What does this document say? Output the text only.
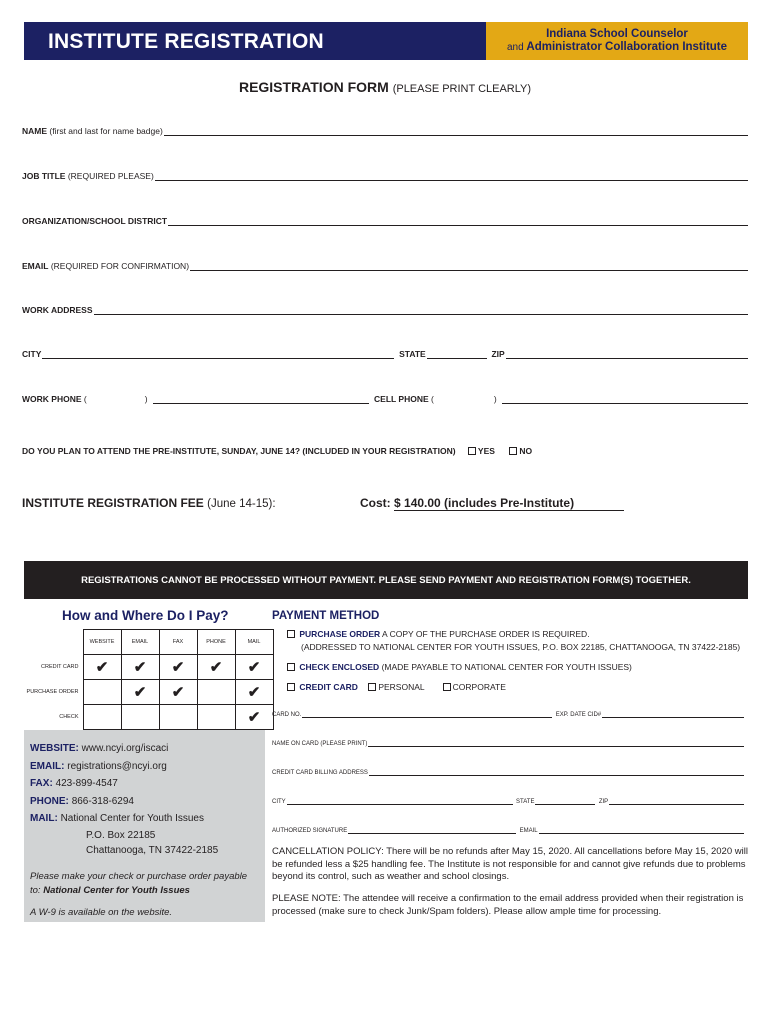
INSTITUTE REGISTRATION	Indiana School Counselor
and Administrator Collaboration Institute
REGISTRATION FORM (PLEASE PRINT CLEARLY)
NAME
(first and last for name badge)
JOB TITLE
(REQUIRED PLEASE)
ORGANIZATION/SCHOOL DISTRICT
EMAIL
(REQUIRED FOR CONFIRMATION)
WORK ADDRESS
CITY
	STATE
	ZIP
WORK PHONE
(	)

	CELL PHONE
(	)

DO YOU PLAN TO ATTEND THE PRE-INSTITUTE, SUNDAY, JUNE 14? (INCLUDED IN YOUR REGISTRATION)	YES	NO
INSTITUTE REGISTRATION FEE (June 14-15):	Cost: $ 140.00 (includes Pre-Institute)
REGISTRATIONS CANNOT BE PROCESSED WITHOUT PAYMENT. PLEASE SEND PAYMENT AND REGISTRATION FORM(S) TOGETHER.
How and Where Do I Pay?
	WEBSITE	EMAIL	FAX	PHONE	MAIL
CREDIT CARD	✔	✔	✔	✔	✔
PURCHASE ORDER		✔	✔		✔
CHECK					✔
WEBSITE: www.ncyi.org/iscaci
EMAIL: registrations@ncyi.org
FAX: 423-899-4547
PHONE: 866-318-6294
MAIL: National Center for Youth Issues
P.O. Box 22185
Chattanooga, TN 37422-2185
Please make your check or purchase order payable to: National Center for Youth Issues
A W-9 is available on the website.
PAYMENT METHOD
PURCHASE ORDER A COPY OF THE PURCHASE ORDER IS REQUIRED.
(ADDRESSED TO NATIONAL CENTER FOR YOUTH ISSUES, P.O. BOX 22185, CHATTANOOGA, TN 37422-2185)
CHECK ENCLOSED (MADE PAYABLE TO NATIONAL CENTER FOR YOUTH ISSUES)
CREDIT CARD PERSONAL	CORPORATE
CARD NO.
	EXP. DATE CID#
NAME ON CARD (PLEASE PRINT)
CREDIT CARD BILLING ADDRESS
CITY
	STATE
	ZIP
AUTHORIZED SIGNATURE
	EMAIL
CANCELLATION POLICY: There will be no refunds after May 15, 2020. All cancellations before May 15, 2020 will be refunded less a $25 handling fee. The Institute is not responsible for and cannot give refunds due to problems beyond its control, such as weather and school closings.
PLEASE NOTE: The attendee will receive a confirmation to the email address provided when their registration is processed (make sure to check Junk/Spam folders). Please allow ample time for processing.
